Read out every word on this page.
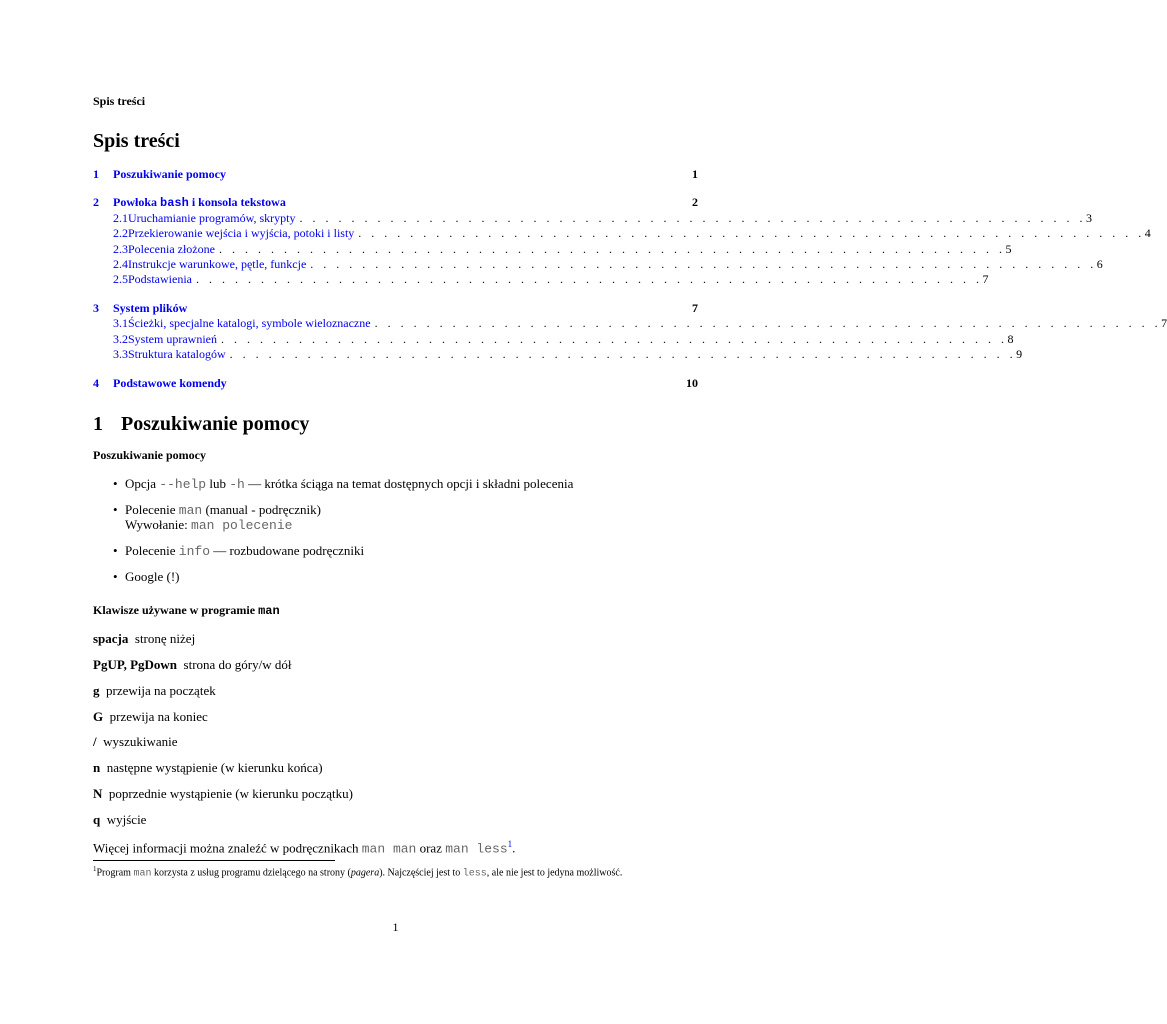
Spis treści
Spis treści
1	Poszukiwanie pomocy	1
2	Powłoka bash i konsola tekstowa	2
2.1 Uruchamianie programów, skrypty . . . . . . . . . . . . . . . . . . . . . . . . . . . . . . . . . . . . . . . . . . . . . . . . . . . . . . . . . . . . . 3
2.2 Przekierowanie wejścia i wyjścia, potoki i listy . . . . . . . . . . . . . . . . . . . . . . . . . . . . . . . . . . . . . . . . . . . . . . . . . . . . . . . . . . . . . 4
2.3 Polecenia złożone . . . . . . . . . . . . . . . . . . . . . . . . . . . . . . . . . . . . . . . . . . . . . . . . . . . . . . . . . . . . . 5
2.4 Instrukcje warunkowe, pętle, funkcje . . . . . . . . . . . . . . . . . . . . . . . . . . . . . . . . . . . . . . . . . . . . . . . . . . . . . . . . . . . . . 6
2.5 Podstawienia . . . . . . . . . . . . . . . . . . . . . . . . . . . . . . . . . . . . . . . . . . . . . . . . . . . . . . . . . . . . . 7
3	System plików	7
3.1 Ścieżki, specjalne katalogi, symbole wieloznaczne . . . . . . . . . . . . . . . . . . . . . . . . . . . . . . . . . . . . . . . . . . . . . . . . . . . . . . . . . . . . . 7
3.2 System uprawnień . . . . . . . . . . . . . . . . . . . . . . . . . . . . . . . . . . . . . . . . . . . . . . . . . . . . . . . . . . . . . 8
3.3 Struktura katalogów . . . . . . . . . . . . . . . . . . . . . . . . . . . . . . . . . . . . . . . . . . . . . . . . . . . . . . . . . . . . . 9
4	Podstawowe komendy	10
1 Poszukiwanie pomocy
Poszukiwanie pomocy
• Opcja --help lub -h — krótka ściąga na temat dostępnych opcji i składni polecenia
• Polecenie man (manual - podręcznik)
Wywołanie: man polecenie
• Polecenie info — rozbudowane podręczniki
• Google (!)
Klawisze używane w programie man
spacja stronę niżej
PgUP, PgDown strona do góry/w dół
g przewija na początek
G przewija na koniec
/ wyszukiwanie
n następne wystąpienie (w kierunku końca)
N poprzednie wystąpienie (w kierunku początku)
q wyjście
Więcej informacji można znaleźć w podręcznikach man man oraz man less$^1$.
$^1$Program man korzysta z usług programu dzielącego na strony (pagera). Najczęściej jest to less, ale nie jest to jedyna możliwość.
1
